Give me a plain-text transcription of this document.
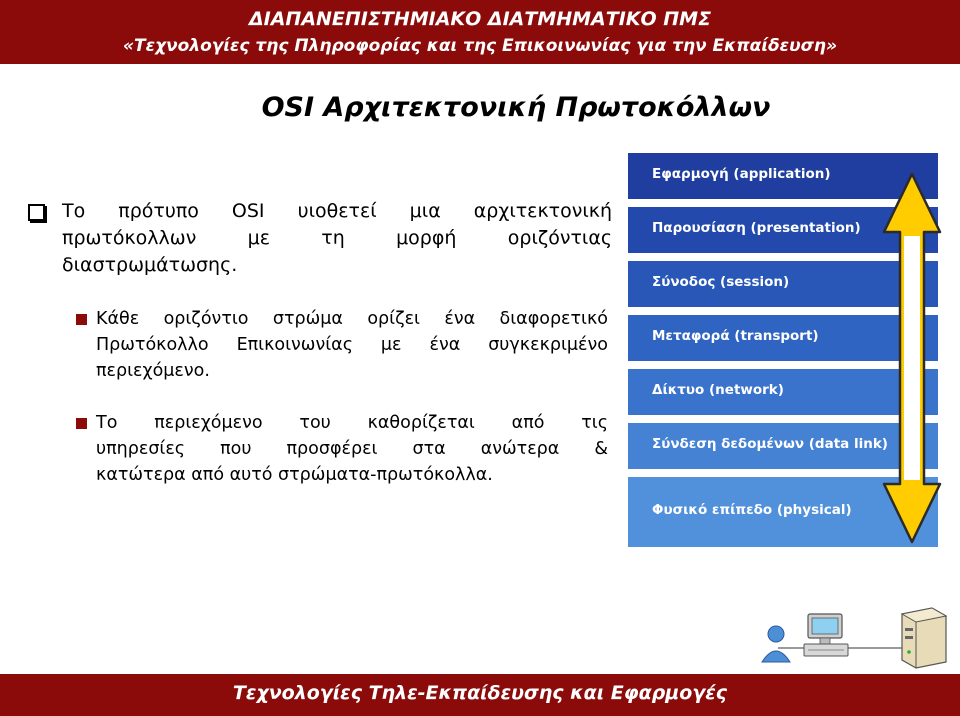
ΔΙΑΠΑΝΕΠΙΣΤΗΜΙΑΚΟ ΔΙΑΤΜΗΜΑΤΙΚΟ ΠΜΣ
«Τεχνολογίες της Πληροφορίας και της Επικοινωνίας για την Εκπαίδευση»
OSI Αρχιτεκτονική Πρωτοκόλλων
Το πρότυπο OSI υιοθετεί μια αρχιτεκτονική
πρωτόκολλων με τη μορφή οριζόντιας
διαστρωμάτωσης.
Κάθε οριζόντιο στρώμα ορίζει ένα διαφορετικό
Πρωτόκολλο Επικοινωνίας με ένα συγκεκριμένο
περιεχόμενο.
Το περιεχόμενο του καθορίζεται από τις
υπηρεσίες που προσφέρει στα ανώτερα &
κατώτερα από αυτό στρώματα-πρωτόκολλα.
Εφαρμογή (application)
Παρουσίαση (presentation)
Σύνοδος (session)
Μεταφορά (transport)
Δίκτυο (network)
Σύνδεση δεδομένων (data link)
Φυσικό επίπεδο (physical)
Τεχνολογίες Τηλε-Εκπαίδευσης και Εφαρμογές
